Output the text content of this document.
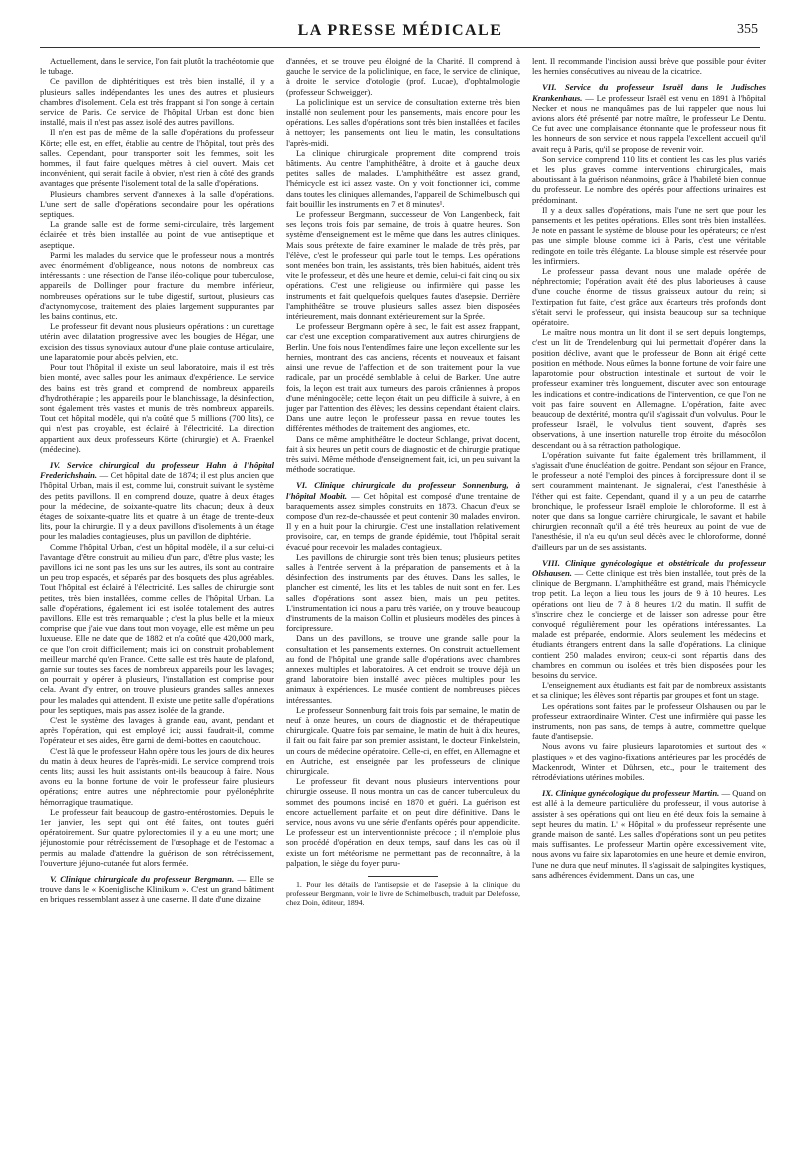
LA PRESSE MÉDICALE	355

Actuellement, dans le service, l'on fait plutôt la trachéotomie que le tubage.

Ce pavillon de diphtéritiques est très bien installé, il y a plusieurs salles indépendantes les unes des autres et plusieurs chambres d'isolement. Cela est très frappant si l'on songe à certain service de Paris. Ce service de l'hôpital Urban est donc bien installé, mais il n'est pas assez isolé des autres pavillons.

Il n'en est pas de même de la salle d'opérations du professeur Körte; elle est, en effet, établie au centre de l'hôpital, tout près des salles. Cependant, pour transporter soit les femmes, soit les hommes, il faut faire quelques mètres à ciel ouvert. Mais cet inconvénient, qui serait facile à obvier, n'est rien à côté des grands avantages que présente l'isolement total de la salle d'opérations.

Plusieurs chambres servent d'annexes à la salle d'opérations. L'une sert de salle d'opérations secondaire pour les opérations septiques.

La grande salle est de forme semi-circulaire, très largement éclairée et très bien installée au point de vue antiseptique et aseptique.

Parmi les malades du service que le professeur nous a montrés avec énormément d'obligeance, nous notons de nombreux cas intéressants : une résection de l'anse iléo-colique pour tuberculose, appareils de Dollinger pour fracture du membre inférieur, nombreuses opérations sur le tube digestif, surtout, plusieurs cas d'actynomycose, traitement des plaies largement suppurantes par les bains continus, etc.

Le professeur fit devant nous plusieurs opérations : un curettage utérin avec dilatation progressive avec les bougies de Hégar, une excision des tissus synoviaux autour d'une plaie contuse articulaire, une laparatomie pour abcès pelvien, etc.

Pour tout l'hôpital il existe un seul laboratoire, mais il est très bien monté, avec salles pour les animaux d'expérience. Le service des bains est très grand et comprend de nombreux appareils d'hydrothérapie ; les appareils pour le blanchissage, la désinfection, sont également très vastes et munis de très nombreux appareils. Tout cet hôpital modèle, qui n'a coûté que 5 millions (700 lits), ce qui n'est pas croyable, est éclairé à l'électricité. La direction appartient aux deux professeurs Körte (chirurgie) et A. Fraenkel (médecine).

IV. Service chirurgical du professeur Hahn à l'hôpital Frederichshain. — Cet hôpital date de 1874; il est plus ancien que l'hôpital Urban, mais il est, comme lui, construit suivant le système des petits pavillons. Il en comprend douze, quatre à deux étages pour la médecine, de soixante-quatre lits chacun; deux à deux étages de soixante-quatre lits et quatre à un étage de trente-deux lits, pour la chirurgie. Il y a deux pavillons d'isolements à un étage pour les maladies contagieuses, plus un pavillon de diphtérie.

Comme l'hôpital Urban, c'est un hôpital modèle, il a sur celui-ci l'avantage d'être construit au milieu d'un parc, d'être plus vaste; les pavillons ici ne sont pas les uns sur les autres, ils sont au contraire un peu trop espacés, et séparés par des bosquets des plus agréables. Tout l'hôpital est éclairé à l'électricité. Les salles de chirurgie sont petites, très bien installées, comme celles de l'hôpital Urban. La salle d'opérations, également ici est isolée totalement des autres pavillons. Elle est très remarquable ; c'est la plus belle et la mieux comprise que j'aie vue dans tout mon voyage, elle est même un peu luxueuse. Elle ne date que de 1882 et n'a coûté que 420,000 mark, ce que l'on croit difficilement; mais ici on construit probablement meilleur marché qu'en France. Cette salle est très haute de plafond, garnie sur toutes ses faces de nombreux appareils pour les lavages; on pourrait y opérer à plusieurs, l'installation est comprise pour cela. Avant d'y entrer, on trouve plusieurs grandes salles annexes pour les malades qui attendent. Il existe une petite salle d'opérations pour les septiques, mais pas assez isolée de la grande.

C'est le système des lavages à grande eau, avant, pendant et après l'opération, qui est employé ici; aussi faudrait-il, comme l'opérateur et ses aides, être garni de demi-bottes en caoutchouc.

C'est là que le professeur Hahn opère tous les jours de dix heures du matin à deux heures de l'après-midi. Le service comprend trois cents lits; aussi les huit assistants ont-ils beaucoup à faire. Nous avons eu la bonne fortune de voir le professeur faire plusieurs opérations; entre autres une néphrectomie pour pyélonéphrite hémorragique traumatique.

Le professeur fait beaucoup de gastro-entérostomies. Depuis le 1er janvier, les sept qui ont été faites, ont toutes guéri opératoirement. Sur quatre pylorectomies il y a eu une mort; une jéjunostomie pour rétrécissement de l'œsophage et de l'estomac a permis au malade d'attendre la guérison de son rétrécissement, l'ouverture jéjuno-cutanée fut alors fermée.

V. Clinique chirurgicale du professeur Bergmann. — Elle se trouve dans le « Koeniglische Klinikum ». C'est un grand bâtiment en briques ressemblant assez à une caserne. Il date d'une dizaine

d'années, et se trouve peu éloigné de la Charité. Il comprend à gauche le service de la policlinique, en face, le service de clinique, à droite le service d'otologie (prof. Lucae), d'ophtalmologie (professeur Schweigger).

La policlinique est un service de consultation externe très bien installé non seulement pour les pansements, mais encore pour les opérations. Les salles d'opérations sont très bien installées et faciles à nettoyer; les pansements ont lieu le matin, les consultations l'après-midi.

La clinique chirurgicale proprement dite comprend trois bâtiments. Au centre l'amphithéâtre, à droite et à gauche deux petites salles de malades. L'amphithéâtre est assez grand, l'hémicycle est ici assez vaste. On y voit fonctionner ici, comme dans toutes les cliniques allemandes, l'appareil de Schimelbusch qui fait bouillir les instruments en 7 et 8 minutes¹.

Le professeur Bergmann, successeur de Von Langenbeck, fait ses leçons trois fois par semaine, de trois à quatre heures. Son système d'enseignement est le même que dans les autres cliniques. Mais sous prétexte de faire examiner le malade de très près, par l'élève, c'est le professeur qui parle tout le temps. Les opérations sont menées bon train, les assistants, très bien habitués, aident très vite le professeur, et dès une heure et demie, celui-ci fait cinq ou six opérations. C'est une religieuse ou infirmière qui passe les instruments et fait quelquefois quelques fautes d'asepsie. Derrière l'amphithéâtre se trouve plusieurs salles assez bien disposées intérieurement, mais donnant extérieurement sur la Sprée.

Le professeur Bergmann opère à sec, le fait est assez frappant, car c'est une exception comparativement aux autres chirurgiens de Berlin. Une fois nous l'entendîmes faire une leçon excellente sur les hernies, montrant des cas anciens, récents et nouveaux et faisant ainsi une revue de l'affection et de son traitement pour la vue radicale, par un procédé semblable à celui de Barker. Une autre fois, la leçon est trait aux tumeurs des parois crâniennes à propos d'une méningocèle; cette leçon était un peu difficile à suivre, à en juger par l'attention des élèves; les dessins cependant étaient clairs. Dans une autre leçon le professeur passa en revue toutes les différentes méthodes de traitement des angiomes, etc.

Dans ce même amphithéâtre le docteur Schlange, privat docent, fait à six heures un petit cours de diagnostic et de chirurgie pratique très suivi. Même méthode d'enseignement fait, ici, un peu suivant la méthode socratique.

VI. Clinique chirurgicale du professeur Sonnenburg, à l'hôpital Moabit. — Cet hôpital est composé d'une trentaine de baraquements assez simples construits en 1873. Chacun d'eux se compose d'un rez-de-chaussée et peut contenir 30 malades environ. Il y en a huit pour la chirurgie. C'est une installation relativement provisoire, car, en temps de grande épidémie, tout l'hôpital serait évacué pour recevoir les malades contagieux.

Les pavillons de chirurgie sont très bien tenus; plusieurs petites salles à l'entrée servent à la préparation de pansements et à la désinfection des instruments par des étuves. Dans les salles, le plancher est cimenté, les lits et les tables de nuit sont en fer. Les salles d'opérations sont assez bien, mais un peu petites. L'instrumentation ici nous a paru très variée, on y trouve beaucoup d'instruments de la maison Collin et plusieurs modèles des pinces à forcipressure.

Dans un des pavillons, se trouve une grande salle pour la consultation et les pansements externes. On construit actuellement au fond de l'hôpital une grande salle d'opérations avec chambres annexes multiples et laboratoires. A cet endroit se trouve déjà un grand laboratoire bien installé avec pièces multiples pour les animaux à expériences. Le musée contient de nombreuses pièces intéressantes.

Le professeur Sonnenburg fait trois fois par semaine, le matin de neuf à onze heures, un cours de diagnostic et de thérapeutique chirurgicale. Quatre fois par semaine, le matin de huit à dix heures, il fait ou fait faire par son premier assistant, le docteur Finkelstein, un cours de médecine opératoire. Celle-ci, en effet, en Allemagne et en Autriche, est enseignée par les professeurs de clinique chirurgicale.

Le professeur fit devant nous plusieurs interventions pour chirurgie osseuse. Il nous montra un cas de cancer tuberculeux du sommet des poumons incisé en 1870 et guéri. La guérison est encore actuellement parfaite et on peut dire définitive. Dans le service, nous avons vu une série d'enfants opérés pour appendicite. Le professeur est un interventionniste précoce ; il n'emploie plus son procédé d'opération en deux temps, sauf dans les cas où il existe un fort météorisme ne permettant pas de reconnaître, à la palpation, le siège du foyer puru-

1. Pour les détails de l'antisepsie et de l'asepsie à la clinique du professeur Bergmann, voir le livre de Schimelbusch, traduit par Delefosse, chez Doin, éditeur, 1894.

lent. Il recommande l'incision aussi brève que possible pour éviter les hernies consécutives au niveau de la cicatrice.

VII. Service du professeur Israël dans le Judisches Krankenhaus. — Le professeur Israël est venu en 1891 à l'hôpital Necker et nous ne manquâmes pas de lui rappeler que nous lui avions alors été présenté par notre maître, le professeur Le Dentu. Ce fut avec une complaisance étonnante que le professeur nous fit les honneurs de son service et nous rappela l'excellent accueil qu'il avait reçu à Paris, qu'il se propose de revenir voir.

Son service comprend 110 lits et contient les cas les plus variés et les plus graves comme interventions chirurgicales, mais aboutissant à la guérison néanmoins, grâce à l'habileté bien connue du professeur. Le nombre des opérés pour affections urinaires est prédominant.

Il y a deux salles d'opérations, mais l'une ne sert que pour les pansements et les petites opérations. Elles sont très bien installées. Je note en passant le système de blouse pour les opérateurs; ce n'est pas une simple blouse comme ici à Paris, c'est une véritable redingote en toile très élégante. La blouse simple est réservée pour les infirmiers.

Le professeur passa devant nous une malade opérée de néphrectomie; l'opération avait été des plus laborieuses à cause d'une couche énorme de tissus graisseux autour du rein; si l'extirpation fut faite, c'est grâce aux écarteurs très profonds dont s'était servi le professeur, qui insista beaucoup sur sa technique opératoire.

Le maître nous montra un lit dont il se sert depuis longtemps, c'est un lit de Trendelenburg qui lui permettait d'opérer dans la position déclive, avant que le professeur de Bonn ait érigé cette position en méthode. Nous eûmes la bonne fortune de voir faire une laparotomie pour obstruction intestinale et surtout de voir le professeur examiner très longuement, discuter avec son entourage les indications et contre-indications de l'intervention, ce que l'on ne voit pas faire souvent en Allemagne. L'opération, faite avec beaucoup de dextérité, montra qu'il s'agissait d'un volvulus. Pour le professeur Israël, le volvulus tient souvent, d'après ses observations, à une insertion naturelle trop étroite du mésocôlon descendant ou à sa rétraction pathologique.

L'opération suivante fut faite également très brillamment, il s'agissait d'une énucléation de goitre. Pendant son séjour en France, le professeur a noté l'emploi des pinces à forcipressure dont il se sert couramment maintenant. Je signalerai, c'est l'anesthésie à l'éther qui est faite. Cependant, quand il y a un peu de catarrhe bronchique, le professeur Israël emploie le chloroforme. Il est à noter que dans sa longue carrière chirurgicale, le savant et habile chirurgien reconnaît qu'il a été très heureux au point de vue de l'anesthésie, il n'a eu qu'un seul décès avec le chloroforme, donné d'ailleurs par un de ses assistants.

VIII. Clinique gynécologique et obstétricale du professeur Olshausen. — Cette clinique est très bien installée, tout près de la clinique de Bergmann. L'amphithéâtre est grand, mais l'hémicycle trop petit. La leçon a lieu tous les jours de 9 à 10 heures. Les opérations ont lieu de 7 à 8 heures 1/2 du matin. Il suffit de s'inscrire chez le concierge et de laisser son adresse pour être convoqué régulièrement pour les opérations intéressantes. La malade est préparée, endormie. Alors seulement les médecins et étudiants étrangers entrent dans la salle d'opérations. La clinique contient 250 malades environ; ceux-ci sont répartis dans des chambres en commun ou isolées et très bien disposées pour les besoins du service.

L'enseignement aux étudiants est fait par de nombreux assistants et sa clinique; les élèves sont répartis par groupes et font un stage.

Les opérations sont faites par le professeur Olshausen ou par le professeur extraordinaire Winter. C'est une infirmière qui passe les instruments, non pas sans, de temps à autre, commettre quelque faute d'antisepsie.

Nous avons vu faire plusieurs laparotomies et surtout des « plastiques » et des vagino-fixations antérieures par les procédés de Mackenrodt, Winter et Dührsen, etc., pour le traitement des rétrodéviations utérines mobiles.

IX. Clinique gynécologique du professeur Martin. — Quand on est allé à la demeure particulière du professeur, il vous autorise à assister à ses opérations qui ont lieu en été deux fois la semaine à sept heures du matin. L' « Hôpital » du professeur représente une grande maison de santé. Les salles d'opérations sont un peu petites mais suffisantes. Le professeur Martin opère excessivement vite, nous avons vu faire six laparotomies en une heure et demie environ, l'une ne dura que neuf minutes. Il s'agissait de salpingites kystiques, sans adhérences évidemment. Dans un cas, une
